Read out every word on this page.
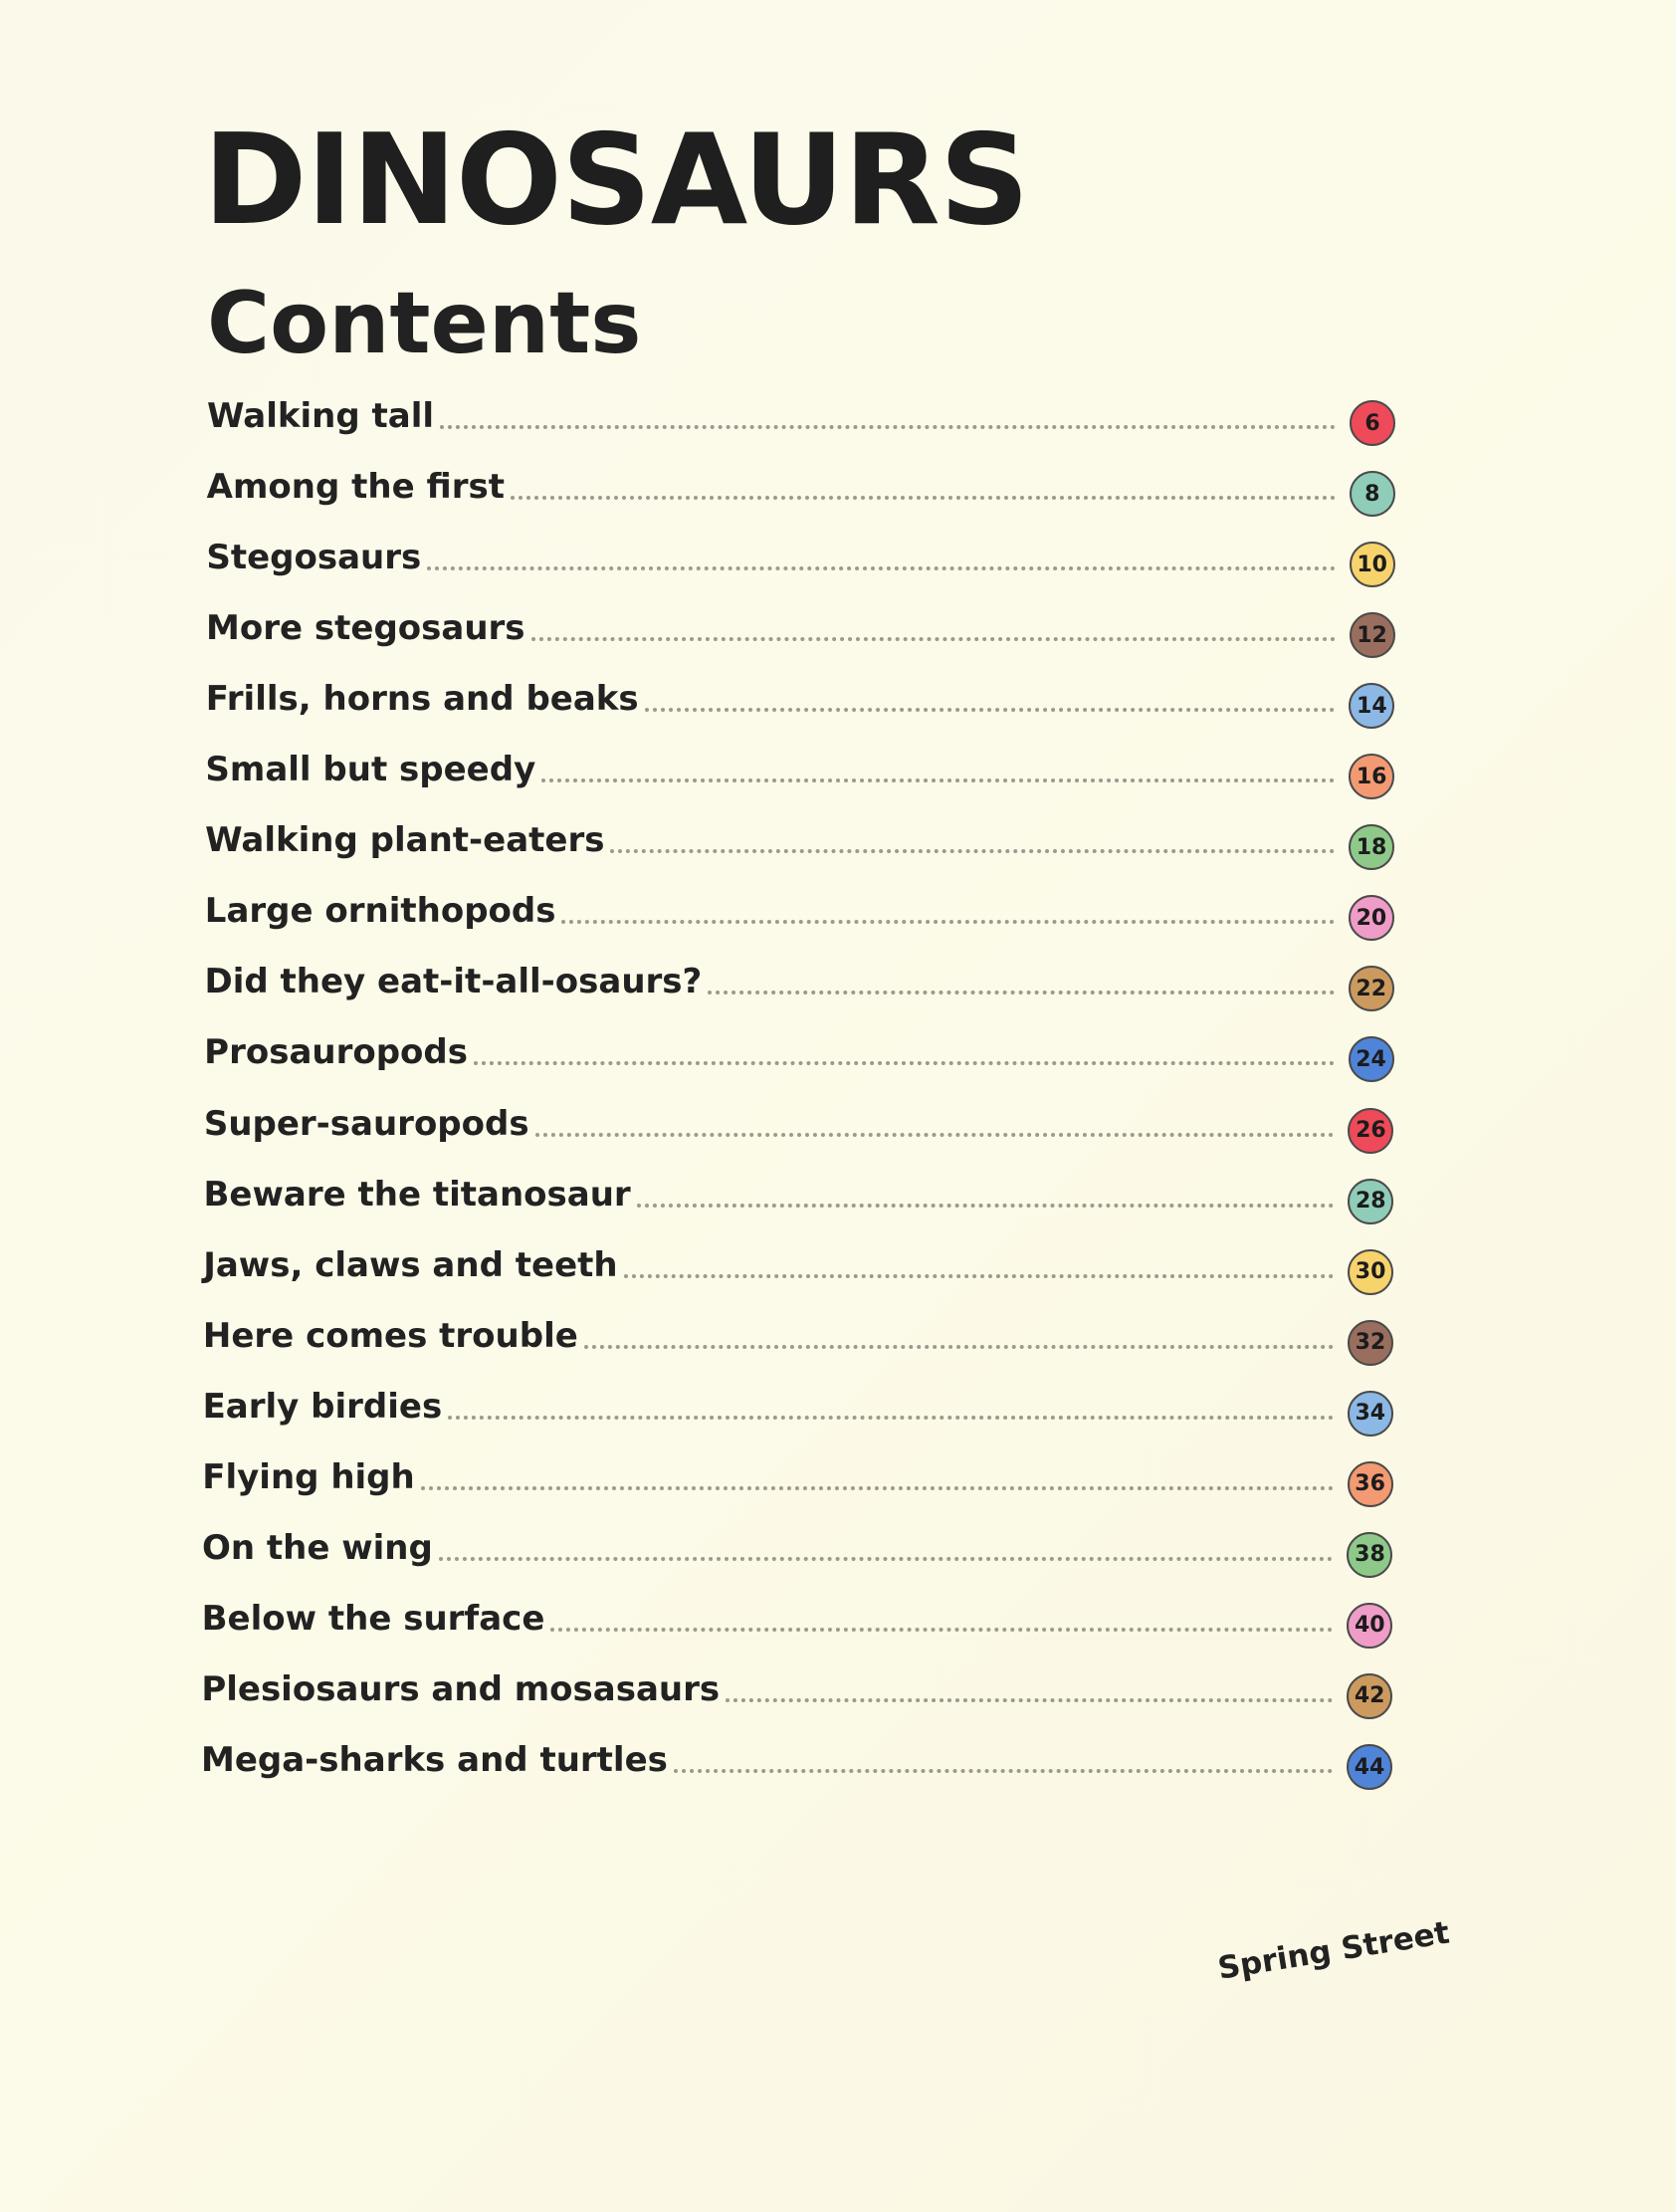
DINOSAURS
Contents
Walking tall	6
Among the first	8
Stegosaurs	10
More stegosaurs	12
Frills, horns and beaks	14
Small but speedy	16
Walking plant-eaters	18
Large ornithopods	20
Did they eat-it-all-osaurs?	22
Prosauropods	24
Super-sauropods	26
Beware the titanosaur	28
Jaws, claws and teeth	30
Here comes trouble	32
Early birdies	34
Flying high	36
On the wing	38
Below the surface	40
Plesiosaurs and mosasaurs	42
Mega-sharks and turtles	44
Spring Street
